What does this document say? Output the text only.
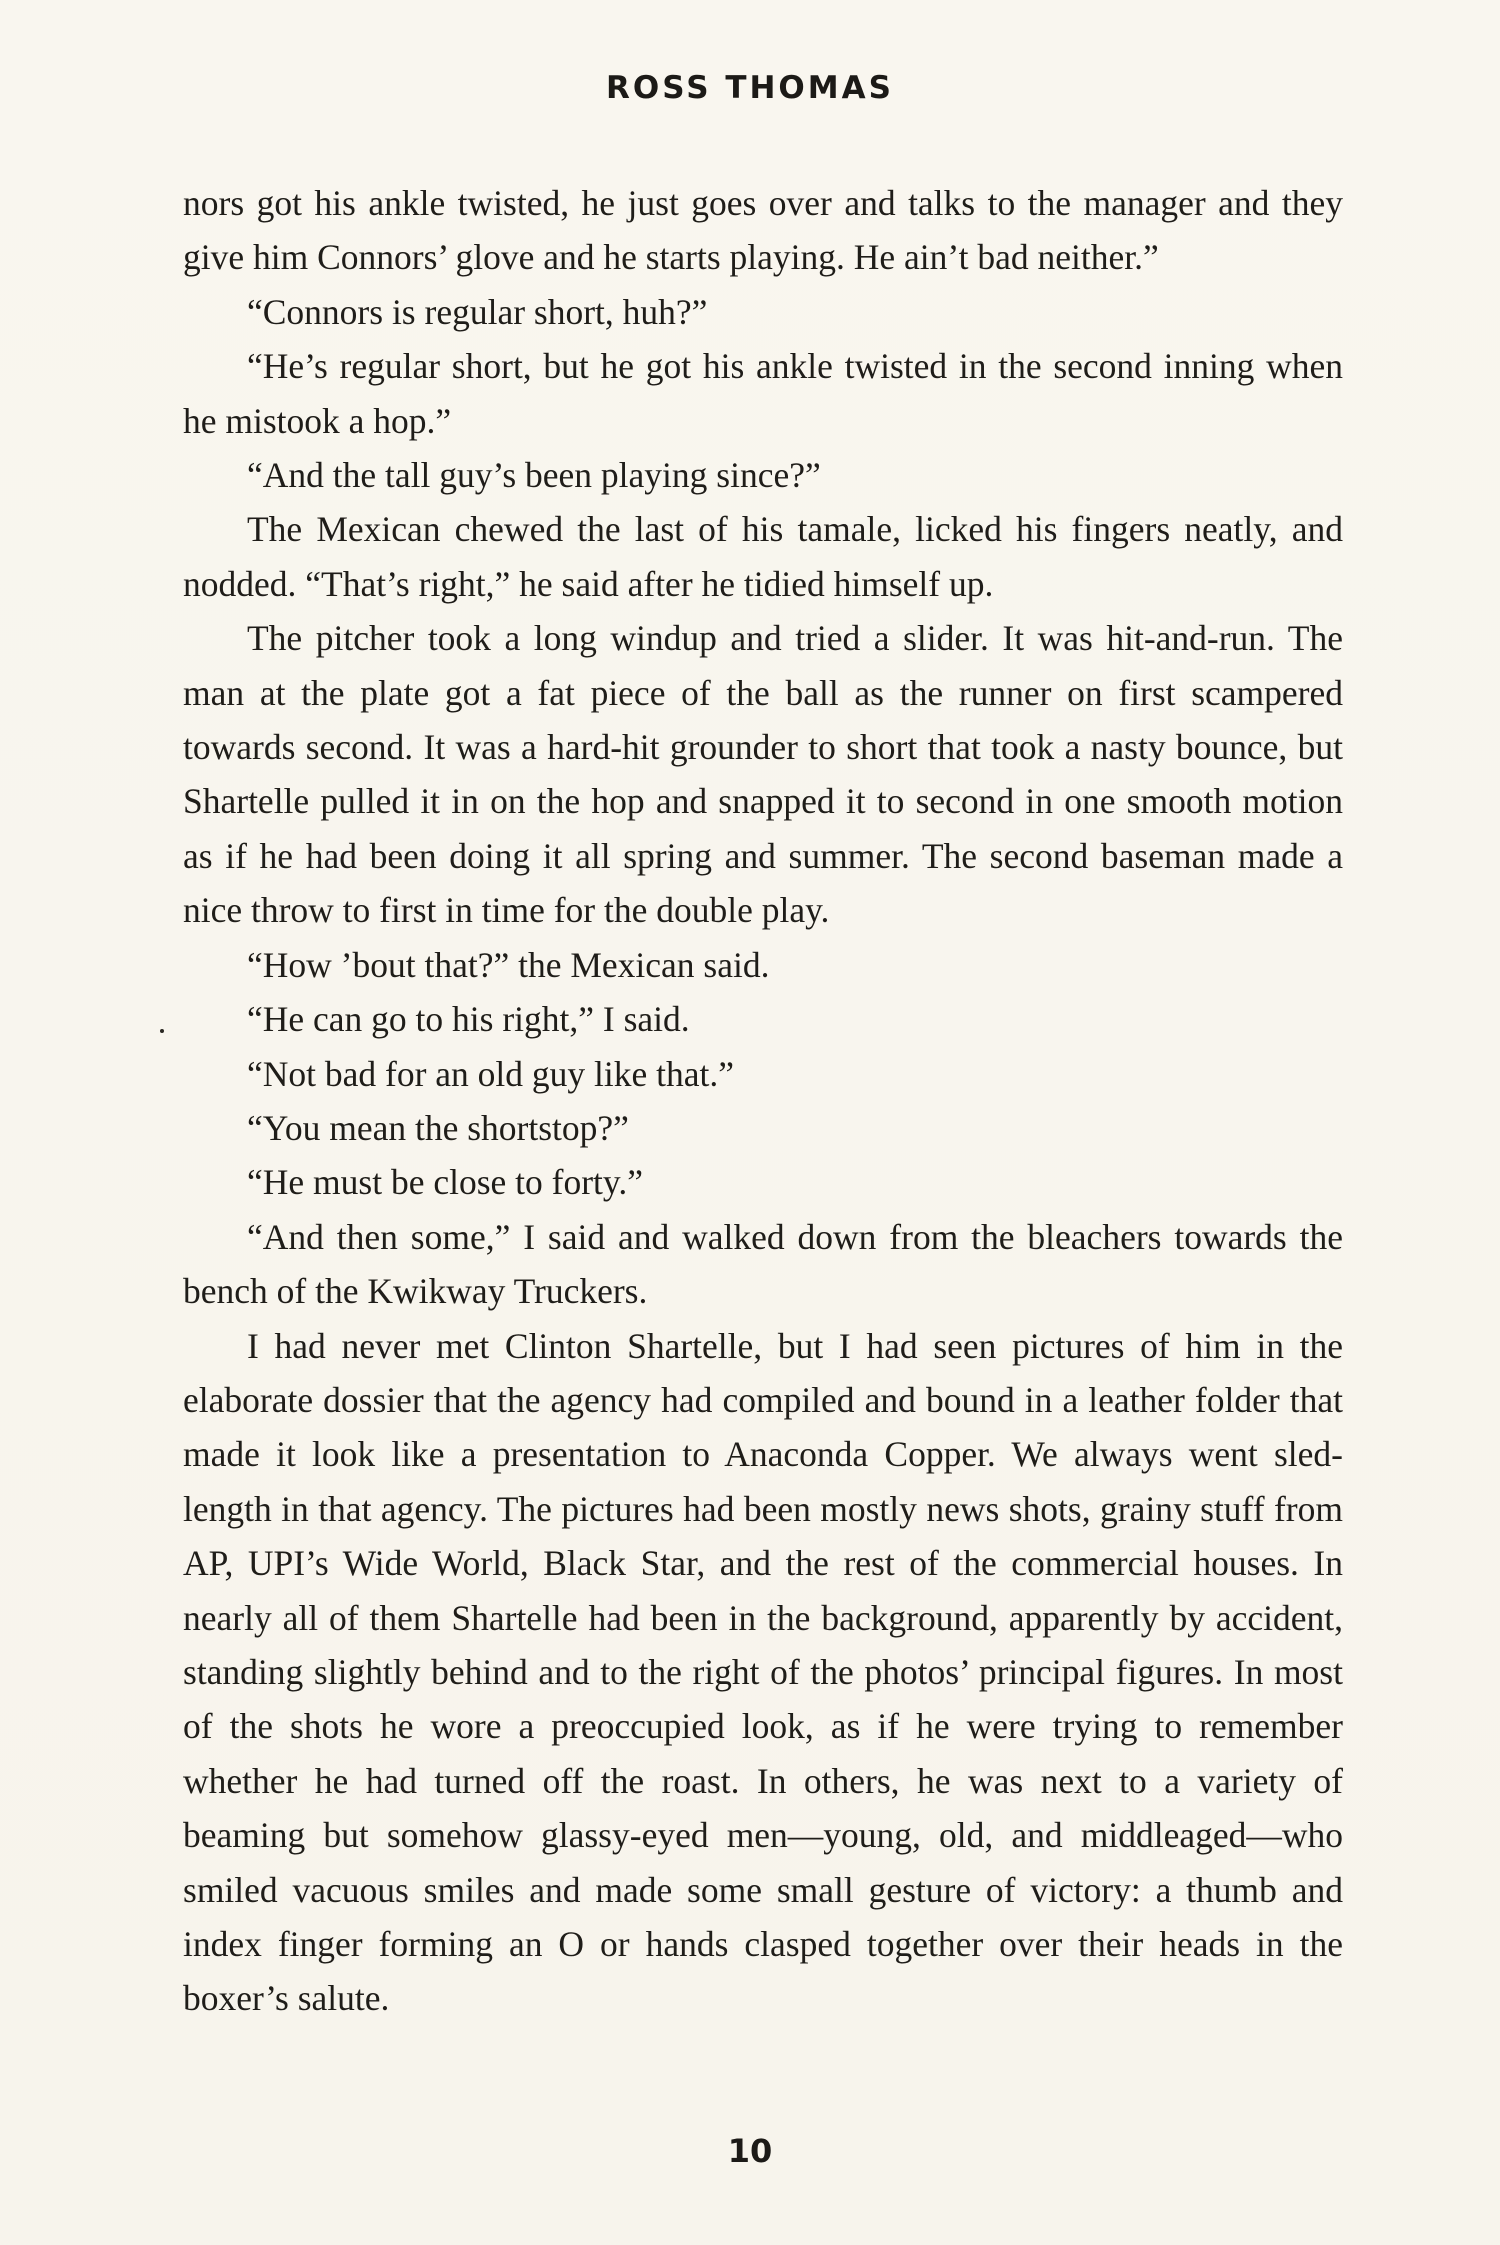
ROSS THOMAS

nors got his ankle twisted, he just goes over and talks to the manager and they give him Connors’ glove and he starts playing. He ain’t bad neither.”

“Connors is regular short, huh?”

“He’s regular short, but he got his ankle twisted in the second inning when he mistook a hop.”

“And the tall guy’s been playing since?”

The Mexican chewed the last of his tamale, licked his fingers neatly, and nodded. “That’s right,” he said after he tidied himself up.

The pitcher took a long windup and tried a slider. It was hit-and-run. The man at the plate got a fat piece of the ball as the runner on first scampered towards second. It was a hard-hit grounder to short that took a nasty bounce, but Shartelle pulled it in on the hop and snapped it to second in one smooth motion as if he had been doing it all spring and summer. The second baseman made a nice throw to first in time for the double play.

“How ’bout that?” the Mexican said.

“He can go to his right,” I said.

“Not bad for an old guy like that.”

“You mean the shortstop?”

“He must be close to forty.”

“And then some,” I said and walked down from the bleachers towards the bench of the Kwikway Truckers.

I had never met Clinton Shartelle, but I had seen pictures of him in the elaborate dossier that the agency had compiled and bound in a leather folder that made it look like a presentation to Anaconda Copper. We always went sled-length in that agency. The pictures had been mostly news shots, grainy stuff from AP, UPI’s Wide World, Black Star, and the rest of the commercial houses. In nearly all of them Shartelle had been in the background, apparently by accident, standing slightly behind and to the right of the photos’ principal figures. In most of the shots he wore a preoccupied look, as if he were trying to remember whether he had turned off the roast. In others, he was next to a variety of beaming but somehow glassy-eyed men—young, old, and middleaged—who smiled vacuous smiles and made some small gesture of victory: a thumb and index finger forming an O or hands clasped together over their heads in the boxer’s salute.

10
